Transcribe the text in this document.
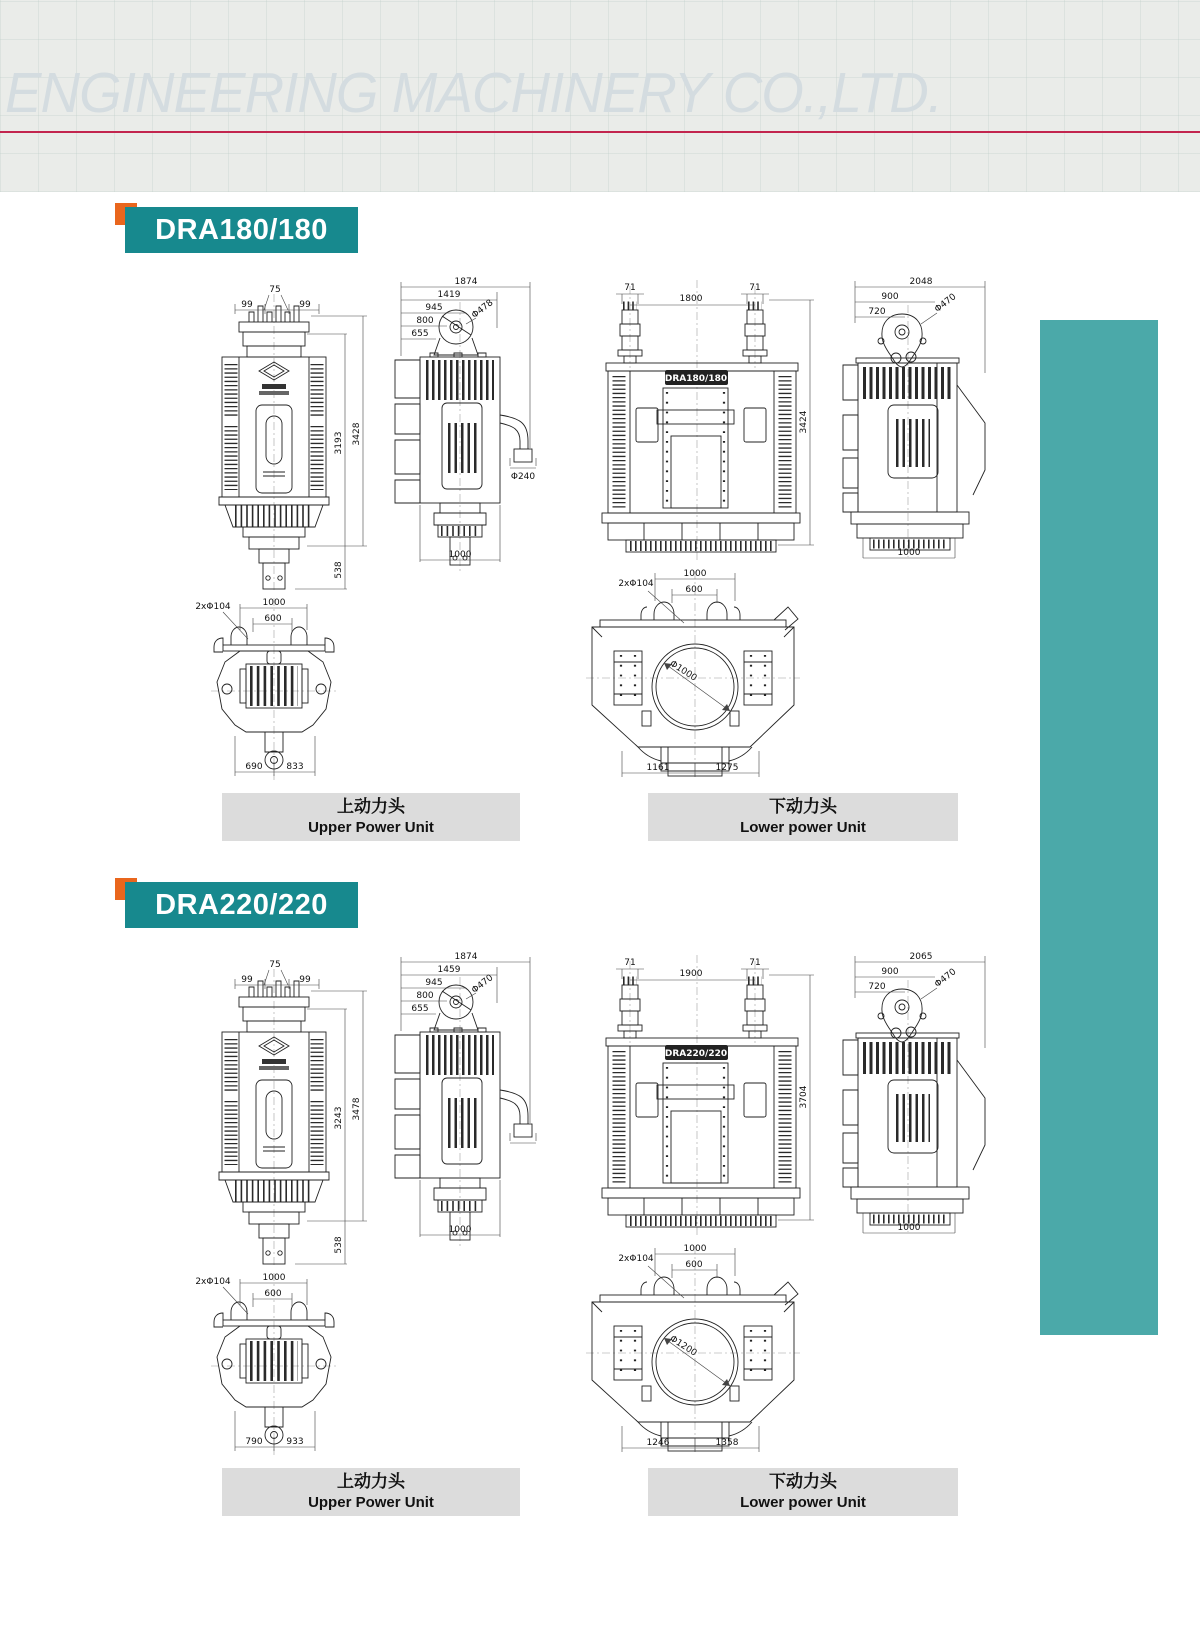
ENGINEERING MACHINERY CO.,LTD.
DRA180/180
99
75
99
3193 3428
538
1874
1419
945
800
655
Φ478
Φ240
1000
DRA180/180
71
1800
71
3424
2048
900
720	Φ470
1000
1000
600
2xΦ104
690	833
1000
600
2xΦ104
Φ1000
1161	1275
上动力头
Upper Power Unit
下动力头
Lower power Unit
DRA220/220
99
75
99
3243 3478
538
1874
1459
945
800
655
Φ470
1000
DRA220/220
71
1900
71
3704
2065
900
720	Φ470
1000
1000
600
2xΦ104
790	933
1000
600
2xΦ104
Φ1200
1246	1358
上动力头
Upper Power Unit
下动力头
Lower power Unit
